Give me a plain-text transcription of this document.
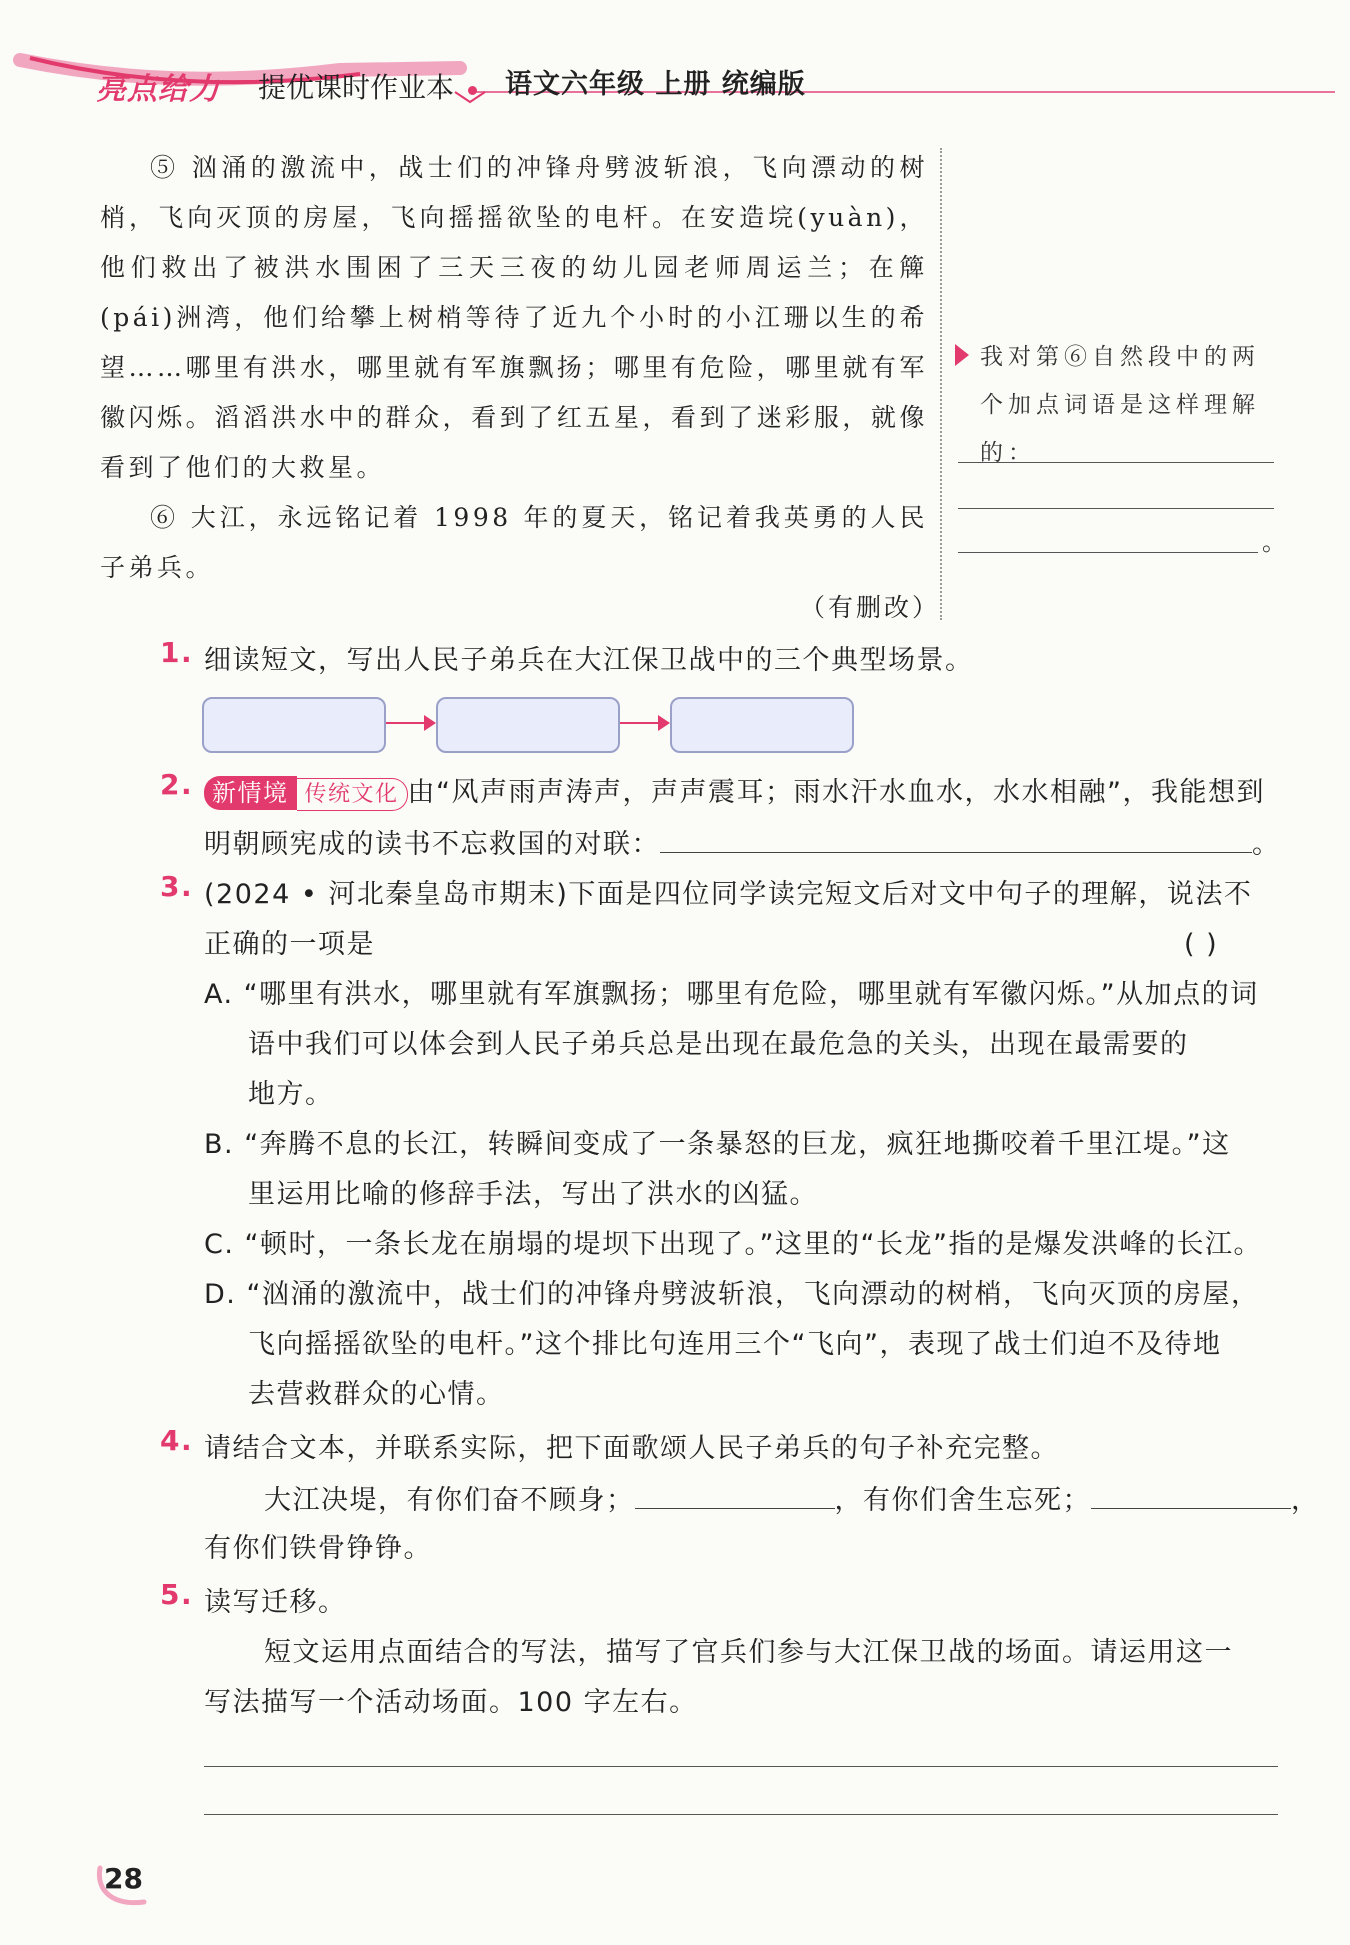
亮点给力 提优课时作业本 语文六年级 上册 统编版

⑤ 汹涌的激流中，战士们的冲锋舟劈波斩浪，飞向漂动的树梢，飞向灭顶的房屋，飞向摇摇欲坠的电杆。在安造垸(yuàn)，他们救出了被洪水围困了三天三夜的幼儿园老师周运兰；在簰(pái)洲湾，他们给攀上树梢等待了近九个小时的小江珊以生的希望……哪里有洪水，哪里就有军旗飘扬；哪里有危险，哪里就有军徽闪烁。滔滔洪水中的群众，看到了红五星，看到了迷彩服，就像看到了他们的大救星。

⑥ 大江，永远铭记着 1998 年的夏天，铭记着我英勇的人民子弟兵。

（有删改）
我对第⑥自然段中的两个加点词语是这样理解的：
。
1. 细读短文，写出人民子弟兵在大江保卫战中的三个典型场景。
2. 新情境 传统文化 由“风声雨声涛声，声声震耳；雨水汗水血水，水水相融”，我能想到
明朝顾宪成的读书不忘救国的对联：	。
3. (2024 • 河北秦皇岛市期末)下面是四位同学读完短文后对文中句子的理解，说法不
正确的一项是	( )
A. “哪里有洪水，哪里就有军旗飘扬；哪里有危险，哪里就有军徽闪烁。”从加点的词
语中我们可以体会到人民子弟兵总是出现在最危急的关头，出现在最需要的
地方。
B. “奔腾不息的长江，转瞬间变成了一条暴怒的巨龙，疯狂地撕咬着千里江堤。”这
里运用比喻的修辞手法，写出了洪水的凶猛。
C. “顿时，一条长龙在崩塌的堤坝下出现了。”这里的“长龙”指的是爆发洪峰的长江。
D. “汹涌的激流中，战士们的冲锋舟劈波斩浪，飞向漂动的树梢，飞向灭顶的房屋，
飞向摇摇欲坠的电杆。”这个排比句连用三个“飞向”，表现了战士们迫不及待地
去营救群众的心情。
4. 请结合文本，并联系实际，把下面歌颂人民子弟兵的句子补充完整。
大江决堤，有你们奋不顾身；	，有你们舍生忘死；	，
有你们铁骨铮铮。
5. 读写迁移。
短文运用点面结合的写法，描写了官兵们参与大江保卫战的场面。请运用这一
写法描写一个活动场面。100 字左右。
28
